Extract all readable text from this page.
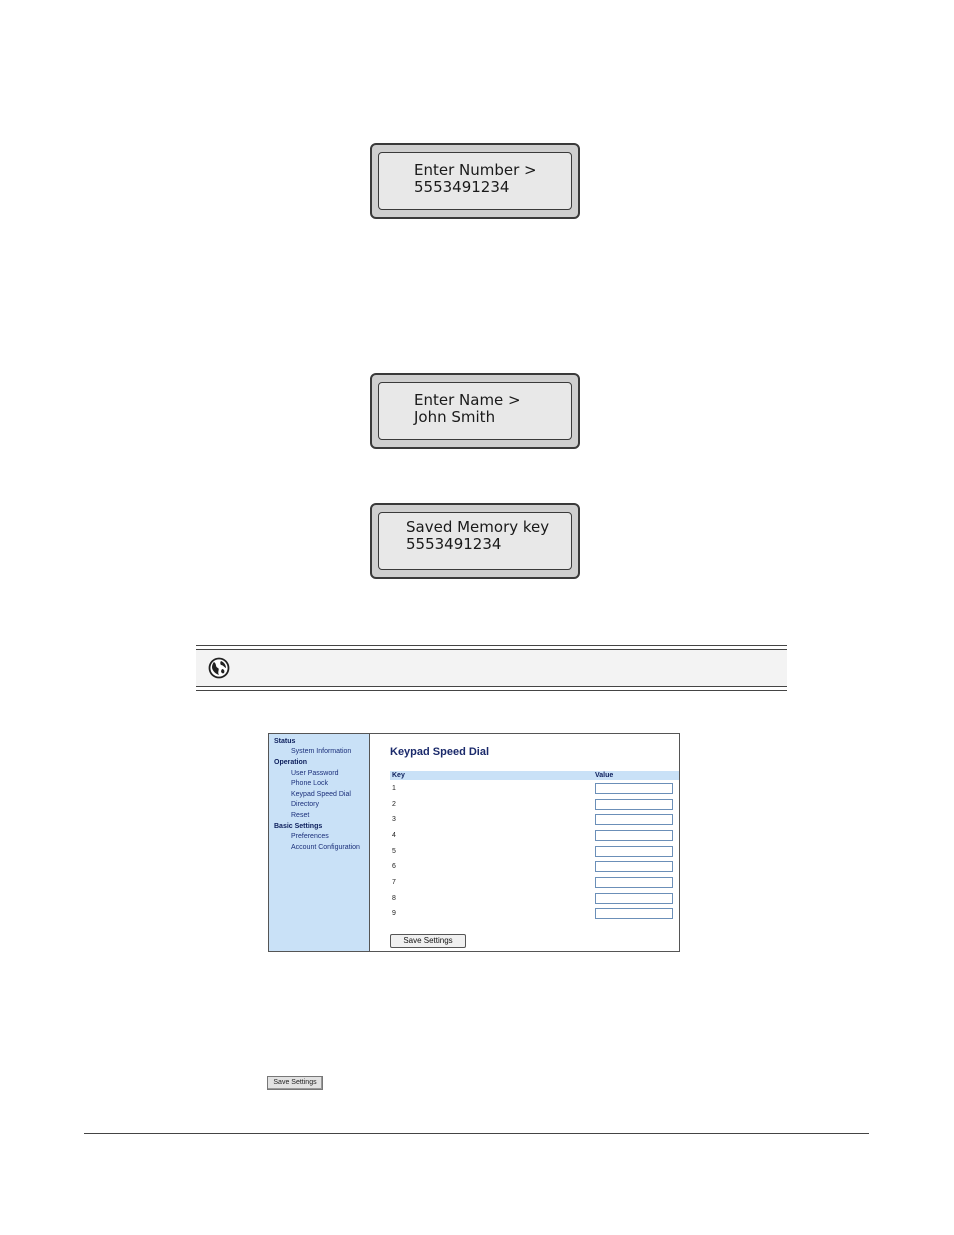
Enter Number >
5553491234
Enter Name >
John Smith
Saved Memory key
5553491234
Status
System Information
Operation
User Password
Phone Lock
Keypad Speed Dial
Directory
Reset
Basic Settings
Preferences
Account Configuration
Keypad Speed Dial
Key	Value
1
2
3
4
5
6
7
8
9
Save Settings
Save Settings
